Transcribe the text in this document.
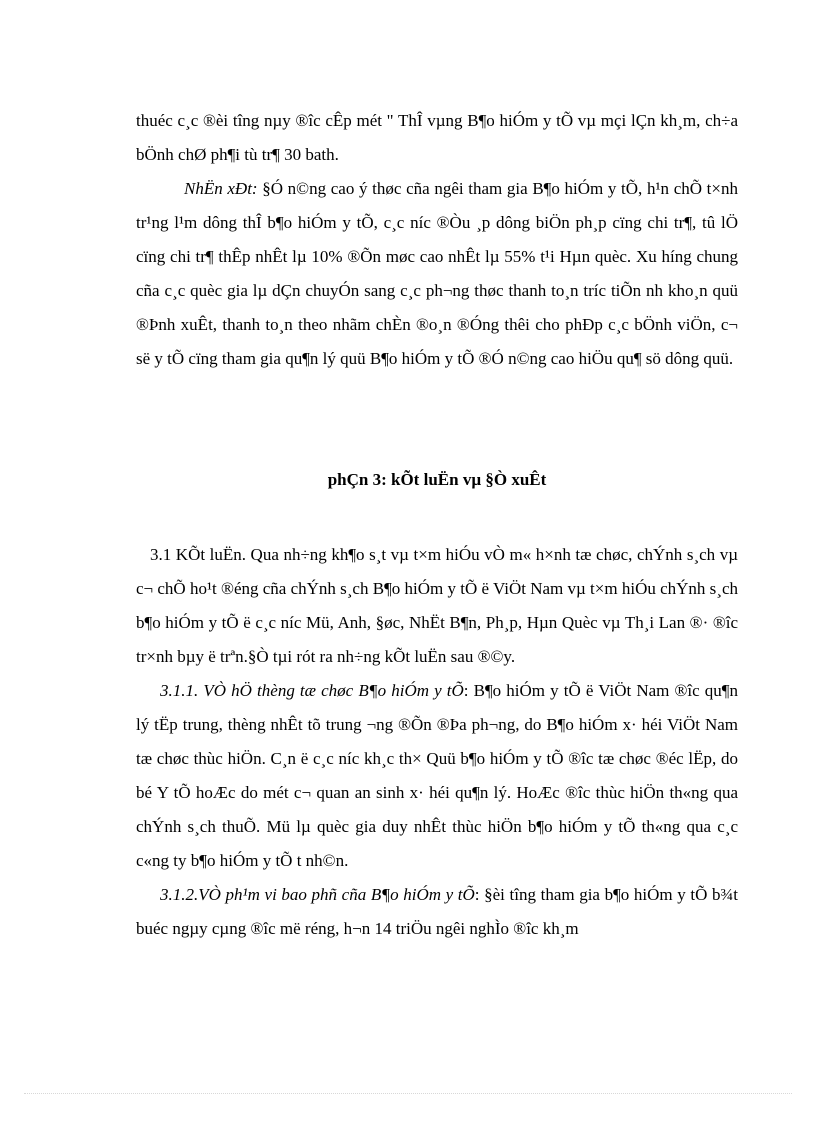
thuéc c¸c ®èi tîng nµy ®îc cÊp mét " ThÎ vµng B¶o hiÓm y tÕ vµ mçi lÇn kh¸m, ch÷a bÖnh chØ ph¶i tù tr¶ 30 bath.

NhËn xÐt: §Ó n©ng cao ý thøc cña ngêi tham gia B¶o hiÓm y tÕ, h¹n chÕ t×nh tr¹ng l¹m dông thÎ b¶o hiÓm y tÕ, c¸c níc ®Òu ¸p dông biÖn ph¸p cïng chi tr¶, tû lÖ cïng chi tr¶ thÊp nhÊt lµ 10% ®Õn møc cao nhÊt lµ 55% t¹i Hµn quèc. Xu híng chung cña c¸c quèc gia lµ dÇn chuyÓn sang c¸c ph¬ng thøc thanh to¸n tríc tiÕn nh kho¸n quü ®Þnh xuÊt, thanh to¸n theo nhãm chÈn ®o¸n ®Óng thêi cho phÐp c¸c bÖnh viÖn, c¬ së y tÕ cïng tham gia qu¶n lý quü B¶o hiÓm y tÕ ®Ó n©ng cao hiÖu qu¶ sö dông quü.

phÇn 3: kÕt luËn vµ §Ò xuÊt

3.1 KÕt luËn. Qua nh÷ng kh¶o s¸t vµ t×m hiÓu vÒ m« h×nh tæ chøc, chÝnh s¸ch vµ c¬ chÕ ho¹t ®éng cña chÝnh s¸ch B¶o hiÓm y tÕ ë ViÖt Nam vµ t×m hiÓu chÝnh s¸ch b¶o hiÓm y tÕ ë c¸c níc Mü, Anh, §øc, NhËt B¶n, Ph¸p, Hµn Quèc vµ Th¸i Lan ®· ®îc tr×nh bµy ë trªn.§Ò tµi rót ra nh÷ng kÕt luËn sau ®©y.

3.1.1. VÒ hÖ thèng tæ chøc B¶o hiÓm y tÕ: B¶o hiÓm y tÕ ë ViÖt Nam ®îc qu¶n lý tËp trung, thèng nhÊt tõ trung ¬ng ®Õn ®Þa ph¬ng, do B¶o hiÓm x· héi ViÖt Nam tæ chøc thùc hiÖn. C¸n ë c¸c níc kh¸c th× Quü b¶o hiÓm y tÕ ®îc tæ chøc ®éc lËp, do bé Y tÕ hoÆc do mét c¬ quan an sinh x· héi qu¶n lý. HoÆc ®îc thùc hiÖn th«ng qua chÝnh s¸ch thuÕ. Mü lµ quèc gia duy nhÊt thùc hiÖn b¶o hiÓm y tÕ th«ng qua c¸c c«ng ty b¶o hiÓm y tÕ t nh©n.

3.1.2.VÒ ph¹m vi bao phñ cña B¶o hiÓm y tÕ: §èi tîng tham gia b¶o hiÓm y tÕ b¾t buéc ngµy cµng ®îc më réng, h¬n 14 triÖu ngêi nghÌo ®îc kh¸m
